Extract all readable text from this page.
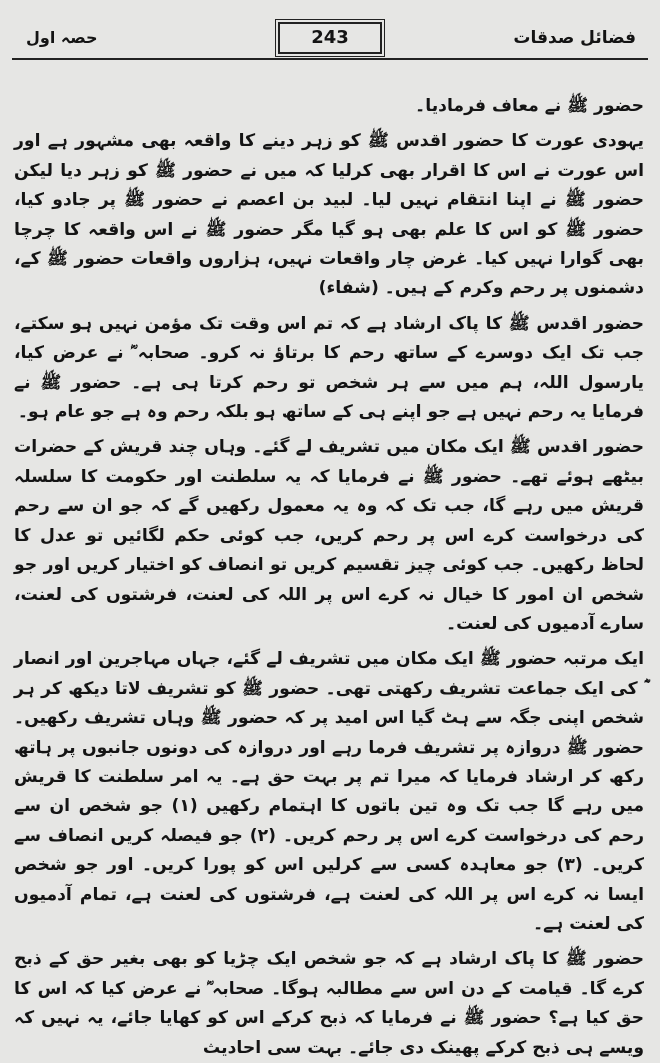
فضائل صدقات
243
حصہ اول

حضور ﷺ نے معاف فرمادیا۔

یہودی عورت کا حضور اقدس ﷺ کو زہر دینے کا واقعہ بھی مشہور ہے اور اس عورت نے اس کا اقرار بھی کرلیا کہ میں نے حضور ﷺ کو زہر دیا لیکن حضور ﷺ نے اپنا انتقام نہیں لیا۔ لبید بن اعصم نے حضور ﷺ پر جادو کیا، حضور ﷺ کو اس کا علم بھی ہو گیا مگر حضور ﷺ نے اس واقعہ کا چرچا بھی گوارا نہیں کیا۔ غرض چار واقعات نہیں، ہزاروں واقعات حضور ﷺ کے، دشمنوں پر رحم وکرم کے ہیں۔ (شفاء)

حضور اقدس ﷺ کا پاک ارشاد ہے کہ تم اس وقت تک مؤمن نہیں ہو سکتے، جب تک ایک دوسرے کے ساتھ رحم کا برتاؤ نہ کرو۔ صحابہ ؓ نے عرض کیا، یارسول اللہ، ہم میں سے ہر شخص تو رحم کرتا ہی ہے۔ حضور ﷺ نے فرمایا یہ رحم نہیں ہے جو اپنے ہی کے ساتھ ہو بلکہ رحم وہ ہے جو عام ہو۔

حضور اقدس ﷺ ایک مکان میں تشریف لے گئے۔ وہاں چند قریش کے حضرات بیٹھے ہوئے تھے۔ حضور ﷺ نے فرمایا کہ یہ سلطنت اور حکومت کا سلسلہ قریش میں رہے گا، جب تک کہ وہ یہ معمول رکھیں گے کہ جو ان سے رحم کی درخواست کرے اس پر رحم کریں، جب کوئی حکم لگائیں تو عدل کا لحاظ رکھیں۔ جب کوئی چیز تقسیم کریں تو انصاف کو اختیار کریں اور جو شخص ان امور کا خیال نہ کرے اس پر اللہ کی لعنت، فرشتوں کی لعنت، سارے آدمیوں کی لعنت۔

ایک مرتبہ حضور ﷺ ایک مکان میں تشریف لے گئے، جہاں مہاجرین اور انصار ؓ کی ایک جماعت تشریف رکھتی تھی۔ حضور ﷺ کو تشریف لاتا دیکھ کر ہر شخص اپنی جگہ سے ہٹ گیا اس امید پر کہ حضور ﷺ وہاں تشریف رکھیں۔ حضور ﷺ دروازہ پر تشریف فرما رہے اور دروازہ کی دونوں جانبوں پر ہاتھ رکھ کر ارشاد فرمایا کہ میرا تم پر بہت حق ہے۔ یہ امر سلطنت کا قریش میں رہے گا جب تک وہ تین باتوں کا اہتمام رکھیں (۱) جو شخص ان سے رحم کی درخواست کرے اس پر رحم کریں۔ (۲) جو فیصلہ کریں انصاف سے کریں۔ (۳) جو معاہدہ کسی سے کرلیں اس کو پورا کریں۔ اور جو شخص ایسا نہ کرے اس پر اللہ کی لعنت ہے، فرشتوں کی لعنت ہے، تمام آدمیوں کی لعنت ہے۔

حضور ﷺ کا پاک ارشاد ہے کہ جو شخص ایک چڑیا کو بھی بغیر حق کے ذبح کرے گا۔ قیامت کے دن اس سے مطالبہ ہوگا۔ صحابہ ؓ نے عرض کیا کہ اس کا حق کیا ہے؟ حضور ﷺ نے فرمایا کہ ذبح کرکے اس کو کھایا جائے، یہ نہیں کہ ویسے ہی ذبح کرکے پھینک دی جائے۔ بہت سی احادیث
